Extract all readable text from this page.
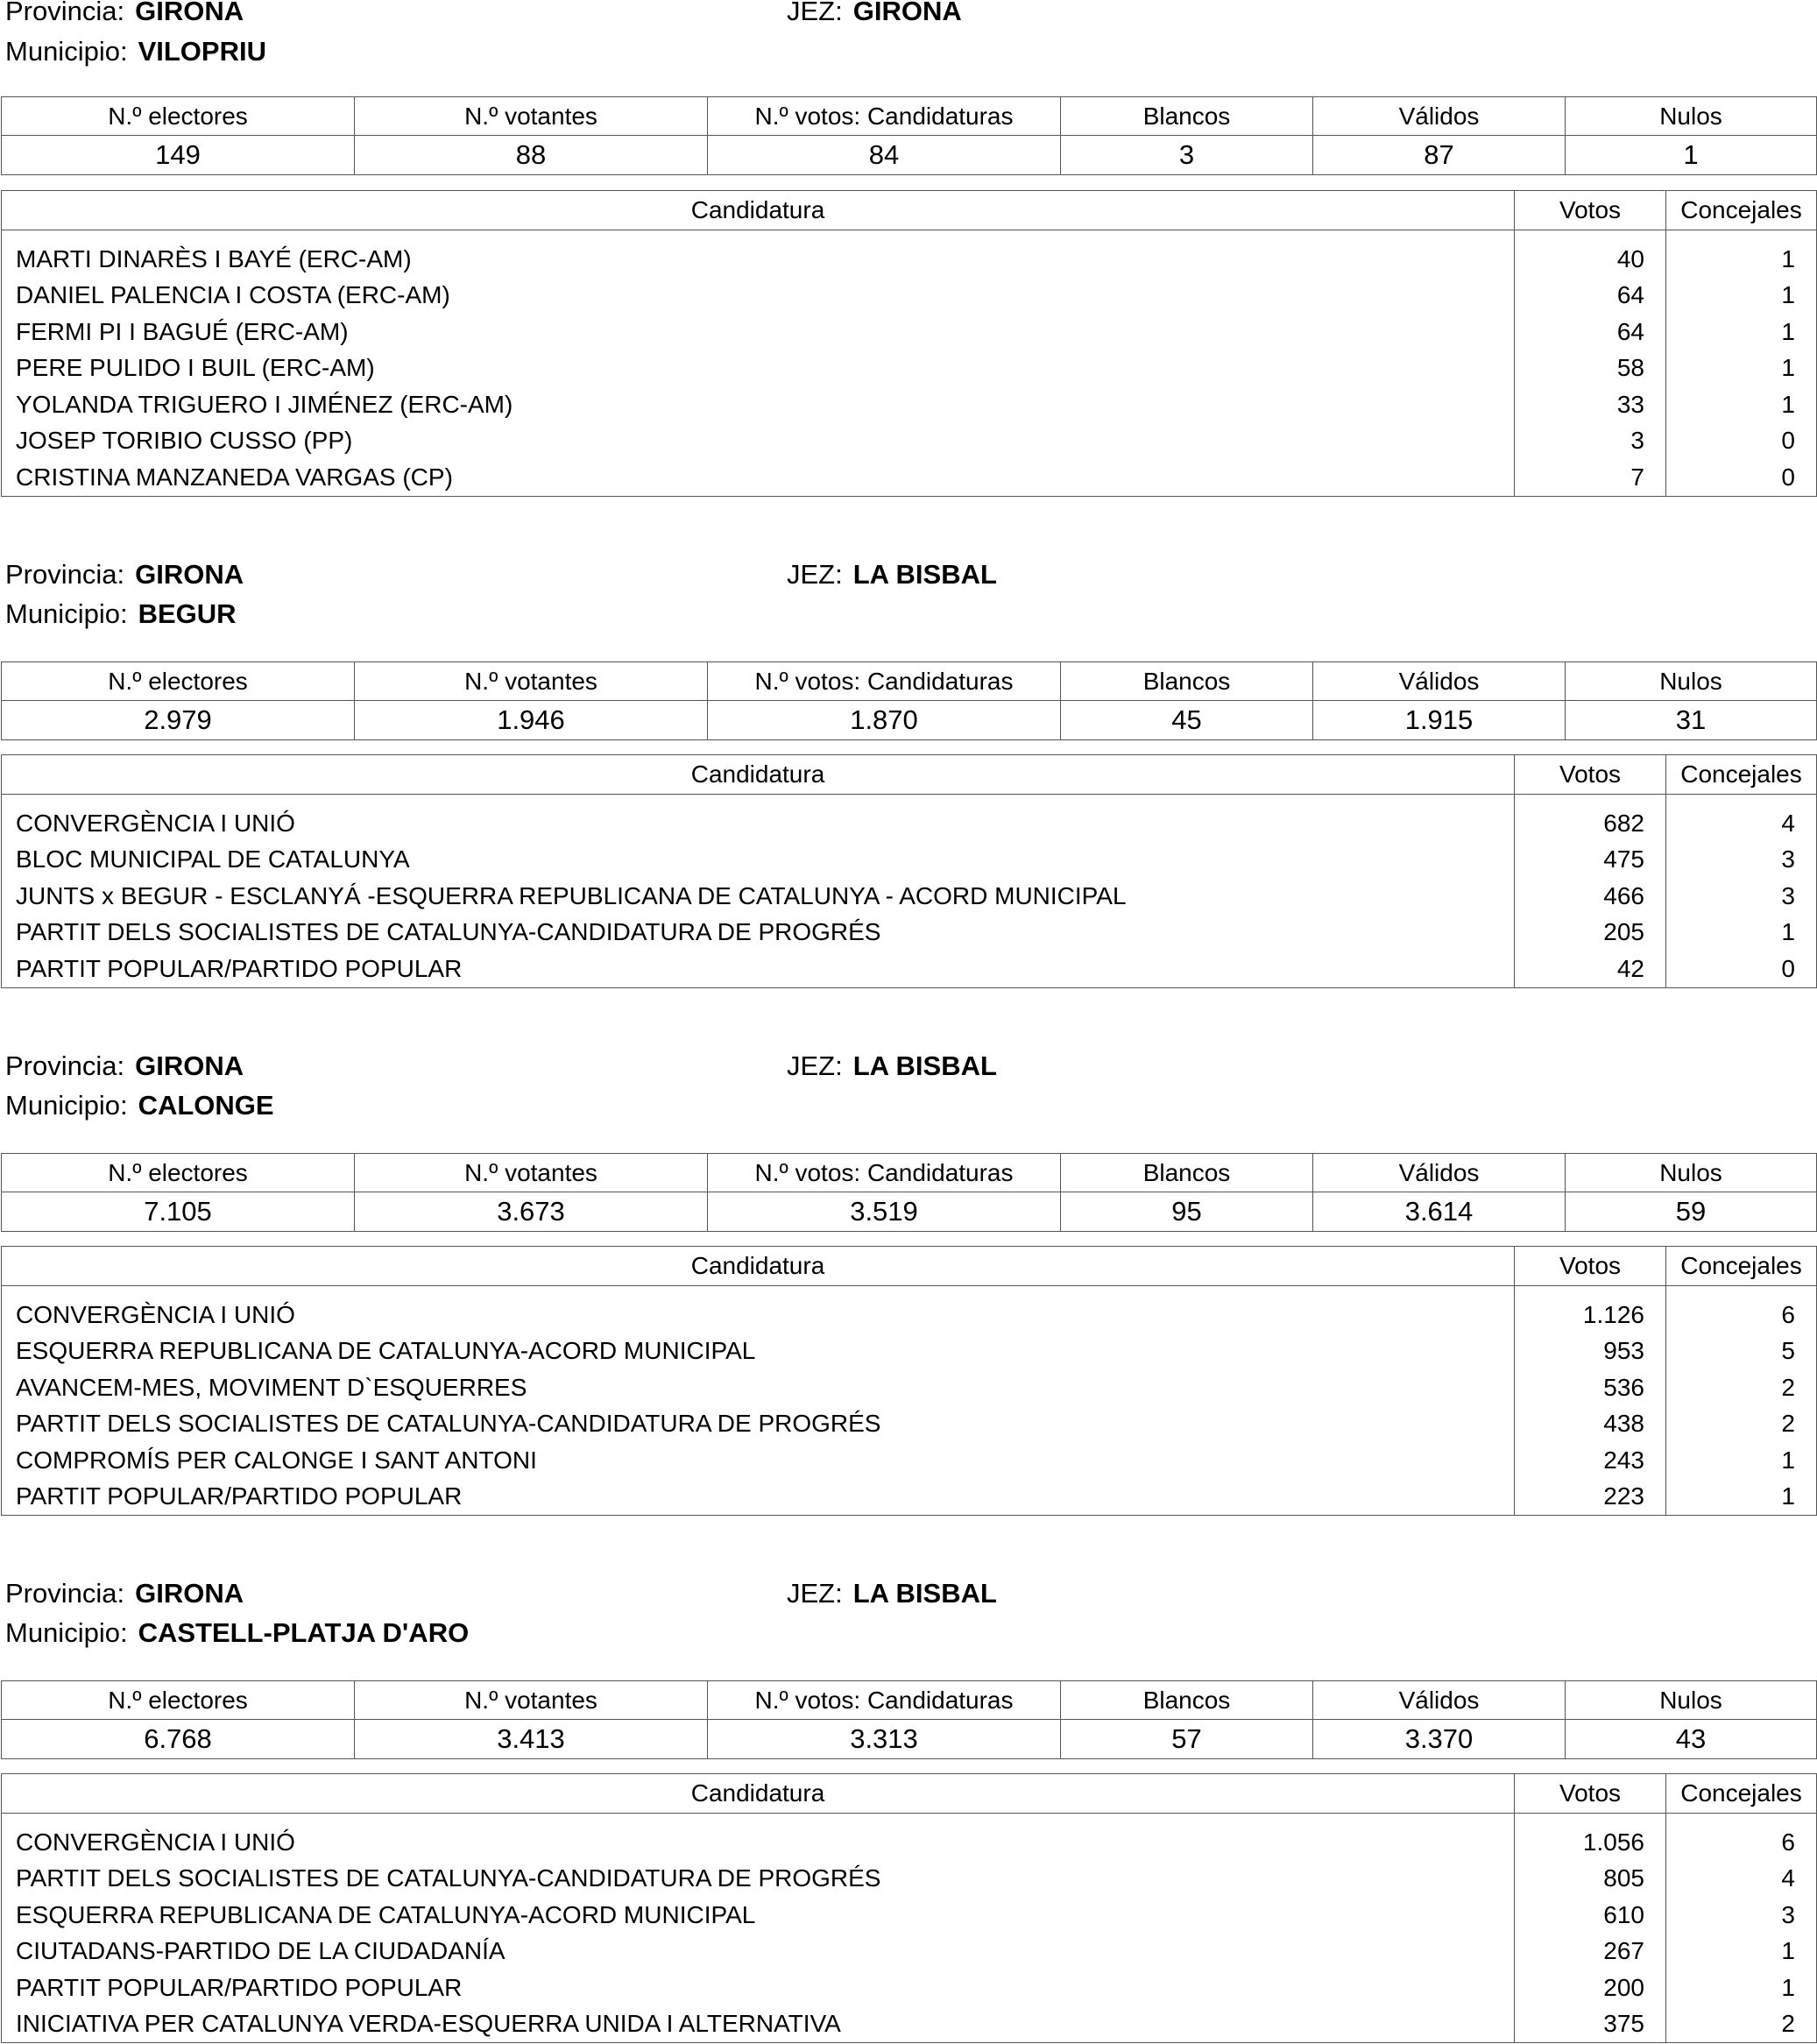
Provincia: GIRONA	JEZ: GIRONA
Municipio: VILOPRIU
N.º electores	N.º votantes	N.º votos: Candidaturas	Blancos	Válidos	Nulos
149	88	84	3	87	1
Candidatura	Votos	Concejales
MARTI DINARÈS I BAYÉ (ERC-AM)	40	1
DANIEL PALENCIA I COSTA (ERC-AM)	64	1
FERMI PI I BAGUÉ (ERC-AM)	64	1
PERE PULIDO I BUIL (ERC-AM)	58	1
YOLANDA TRIGUERO I JIMÉNEZ (ERC-AM)	33	1
JOSEP TORIBIO CUSSO (PP)	3	0
CRISTINA MANZANEDA VARGAS (CP)	7	0
Provincia: GIRONA	JEZ: LA BISBAL
Municipio: BEGUR
N.º electores	N.º votantes	N.º votos: Candidaturas	Blancos	Válidos	Nulos
2.979	1.946	1.870	45	1.915	31
Candidatura	Votos	Concejales
CONVERGÈNCIA I UNIÓ	682	4
BLOC MUNICIPAL DE CATALUNYA	475	3
JUNTS x BEGUR - ESCLANYÁ -ESQUERRA REPUBLICANA DE CATALUNYA - ACORD MUNICIPAL	466	3
PARTIT DELS SOCIALISTES DE CATALUNYA-CANDIDATURA DE PROGRÉS	205	1
PARTIT POPULAR/PARTIDO POPULAR	42	0
Provincia: GIRONA	JEZ: LA BISBAL
Municipio: CALONGE
N.º electores	N.º votantes	N.º votos: Candidaturas	Blancos	Válidos	Nulos
7.105	3.673	3.519	95	3.614	59
Candidatura	Votos	Concejales
CONVERGÈNCIA I UNIÓ	1.126	6
ESQUERRA REPUBLICANA DE CATALUNYA-ACORD MUNICIPAL	953	5
AVANCEM-MES, MOVIMENT D`ESQUERRES	536	2
PARTIT DELS SOCIALISTES DE CATALUNYA-CANDIDATURA DE PROGRÉS	438	2
COMPROMÍS PER CALONGE I SANT ANTONI	243	1
PARTIT POPULAR/PARTIDO POPULAR	223	1
Provincia: GIRONA	JEZ: LA BISBAL
Municipio: CASTELL-PLATJA D'ARO
N.º electores	N.º votantes	N.º votos: Candidaturas	Blancos	Válidos	Nulos
6.768	3.413	3.313	57	3.370	43
Candidatura	Votos	Concejales
CONVERGÈNCIA I UNIÓ	1.056	6
PARTIT DELS SOCIALISTES DE CATALUNYA-CANDIDATURA DE PROGRÉS	805	4
ESQUERRA REPUBLICANA DE CATALUNYA-ACORD MUNICIPAL	610	3
CIUTADANS-PARTIDO DE LA CIUDADANÍA	267	1
PARTIT POPULAR/PARTIDO POPULAR	200	1
INICIATIVA PER CATALUNYA VERDA-ESQUERRA UNIDA I ALTERNATIVA	375	2
